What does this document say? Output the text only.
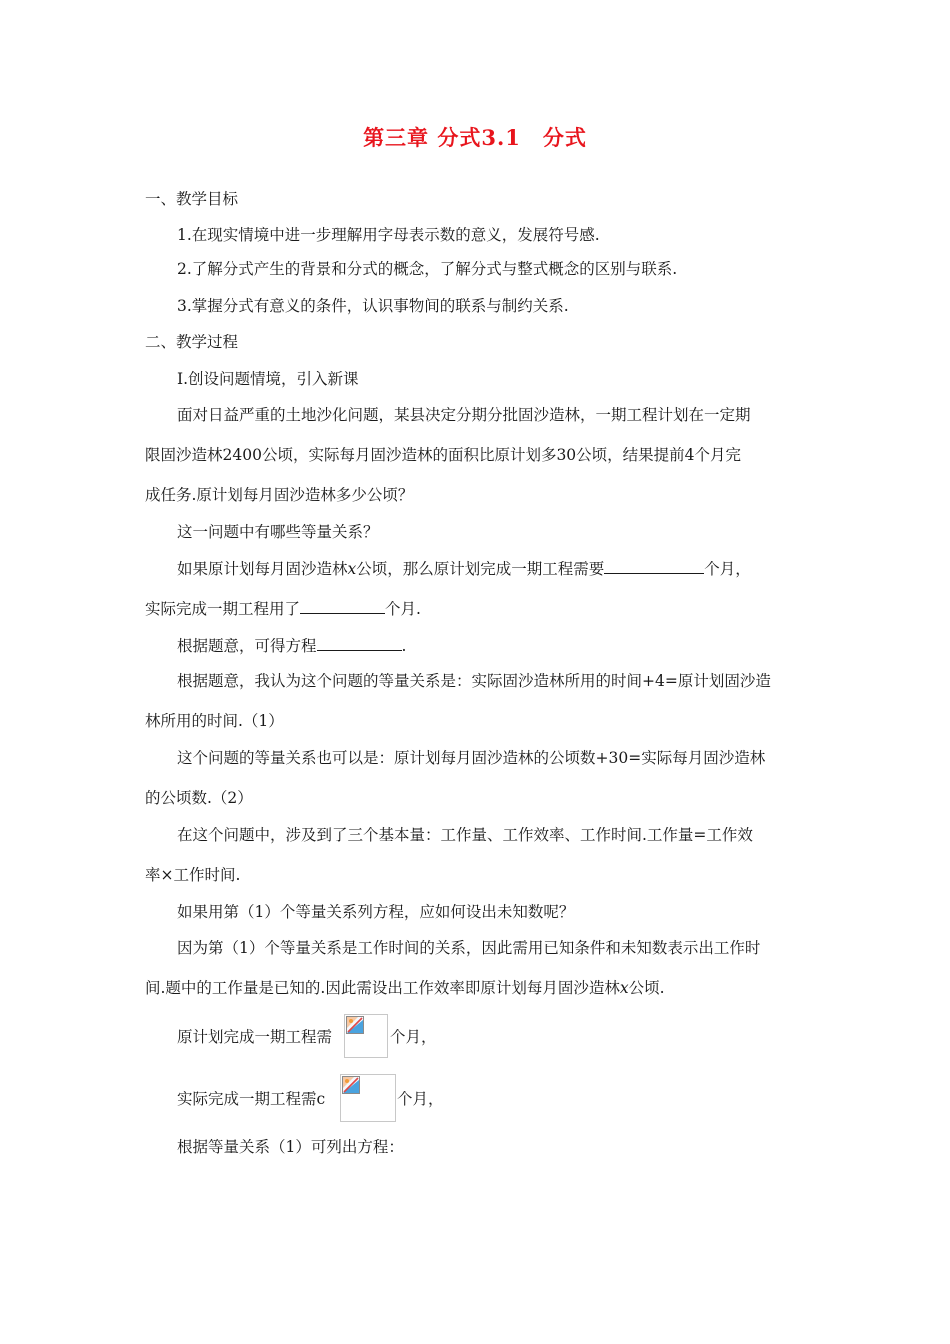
第三章 分式3.1　分式
一、教学目标
1.在现实情境中进一步理解用字母表示数的意义，发展符号感.
2.了解分式产生的背景和分式的概念，了解分式与整式概念的区别与联系.
3.掌握分式有意义的条件，认识事物间的联系与制约关系.
二、教学过程
Ⅰ.创设问题情境，引入新课
面对日益严重的土地沙化问题，某县决定分期分批固沙造林，一期工程计划在一定期
限固沙造林2400公顷，实际每月固沙造林的面积比原计划多30公顷，结果提前4个月完
成任务.原计划每月固沙造林多少公顷？
这一问题中有哪些等量关系？
如果原计划每月固沙造林x公顷，那么原计划完成一期工程需要	个月，
实际完成一期工程用了	个月.
根据题意，可得方程	.
根据题意，我认为这个问题的等量关系是：实际固沙造林所用的时间+4=原计划固沙造
林所用的时间.（1）
这个问题的等量关系也可以是：原计划每月固沙造林的公顷数+30=实际每月固沙造林
的公顷数.（2）
在这个问题中，涉及到了三个基本量：工作量、工作效率、工作时间.工作量=工作效
率×工作时间.
如果用第（1）个等量关系列方程，应如何设出未知数呢？
因为第（1）个等量关系是工作时间的关系，因此需用已知条件和未知数表示出工作时
间.题中的工作量是已知的.因此需设出工作效率即原计划每月固沙造林x公顷.
原计划完成一期工程需	个月，
实际完成一期工程需c	个月，
根据等量关系（1）可列出方程：
